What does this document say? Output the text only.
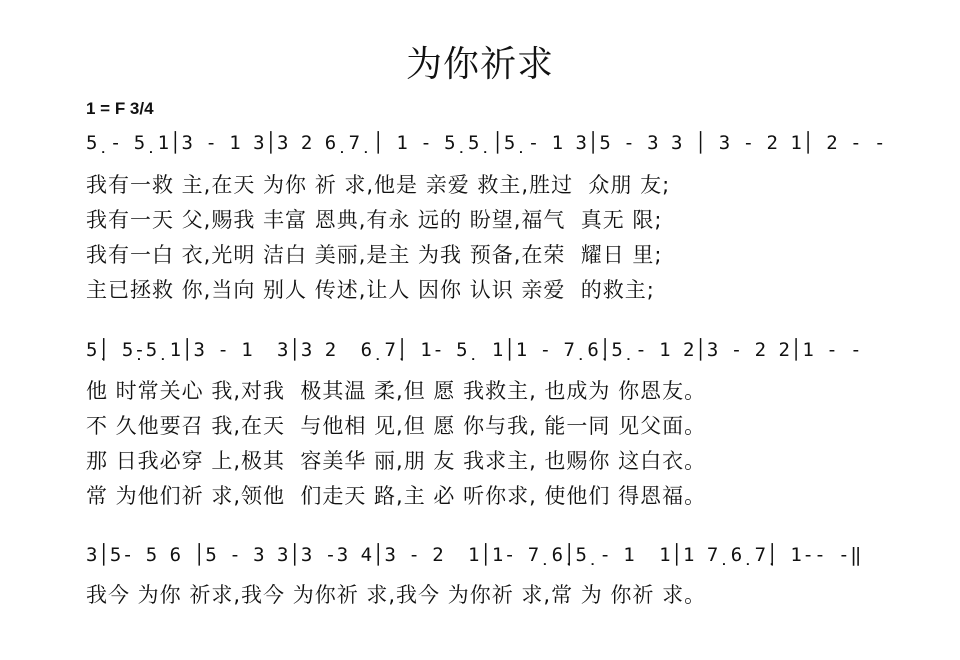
为你祈求
1 = F 3/4
5̣ - 5̣ 1│3 - 1 3│3 2 6̣ 7̣ │ 1 - 5̣ 5̣ │5̣ - 1 3│5 - 3 3 │ 3 - 2 1│ 2 - -
我有一救 主,在天 为你 祈 求,他是 亲爱 救主,胜过  众朋 友;
我有一天 父,赐我 丰富 恩典,有永 远的 盼望,福气  真无 限;
我有一白 衣,光明 洁白 美丽,是主 为我 预备,在荣  耀日 里;
主已拯救 你,当向 别人 传述,让人 因你 认识 亲爱  的救主;
5̣│ 5̣-5̣ 1│3 - 1  3│3 2  6̣ 7̣│ 1- 5̣  1│1 - 7̣ 6̣│5̣ - 1 2│3 - 2 2│1 - -
他 时常关心 我,对我  极其温 柔,但 愿 我救主, 也成为 你恩友。
不 久他要召 我,在天  与他相 见,但 愿 你与我, 能一同 见父面。
那 日我必穿 上,极其  容美华 丽,朋 友 我求主, 也赐你 这白衣。
常 为他们祈 求,领他  们走天 路,主 必 听你求, 使他们 得恩福。
3│5- 5 6 │5 - 3 3│3 -3 4│3 - 2  1│1- 7̣ 6̣│5̣ - 1  1│1 7̣ 6̣ 7̣│ 1-- -‖
我今 为你 祈求,我今 为你祈 求,我今 为你祈 求,常 为 你祈 求。
